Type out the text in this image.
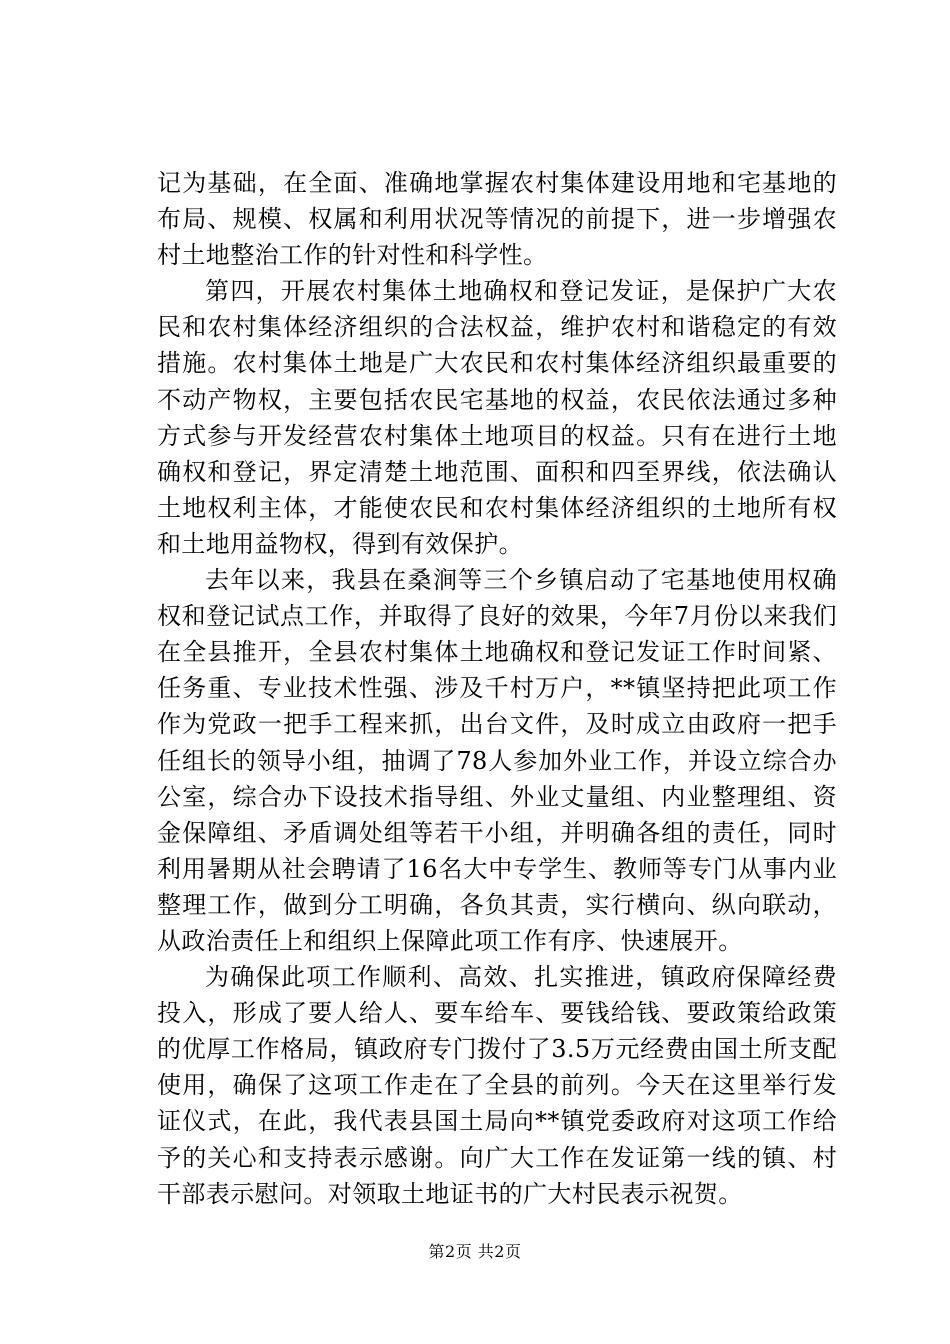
记为基础，在全面、准确地掌握农村集体建设用地和宅基地的布局、规模、权属和利用状况等情况的前提下，进一步增强农村土地整治工作的针对性和科学性。

第四，开展农村集体土地确权和登记发证，是保护广大农民和农村集体经济组织的合法权益，维护农村和谐稳定的有效措施。农村集体土地是广大农民和农村集体经济组织最重要的不动产物权，主要包括农民宅基地的权益，农民依法通过多种方式参与开发经营农村集体土地项目的权益。只有在进行土地确权和登记，界定清楚土地范围、面积和四至界线，依法确认土地权利主体，才能使农民和农村集体经济组织的土地所有权和土地用益物权，得到有效保护。

去年以来，我县在桑涧等三个乡镇启动了宅基地使用权确权和登记试点工作，并取得了良好的效果，今年7月份以来我们在全县推开，全县农村集体土地确权和登记发证工作时间紧、任务重、专业技术性强、涉及千村万户，**镇坚持把此项工作作为党政一把手工程来抓，出台文件，及时成立由政府一把手任组长的领导小组，抽调了78人参加外业工作，并设立综合办公室，综合办下设技术指导组、外业丈量组、内业整理组、资金保障组、矛盾调处组等若干小组，并明确各组的责任，同时利用暑期从社会聘请了16名大中专学生、教师等专门从事内业整理工作，做到分工明确，各负其责，实行横向、纵向联动，从政治责任上和组织上保障此项工作有序、快速展开。

为确保此项工作顺利、高效、扎实推进，镇政府保障经费投入，形成了要人给人、要车给车、要钱给钱、要政策给政策的优厚工作格局，镇政府专门拨付了3.5万元经费由国土所支配使用，确保了这项工作走在了全县的前列。今天在这里举行发证仪式，在此，我代表县国土局向**镇党委政府对这项工作给予的关心和支持表示感谢。向广大工作在发证第一线的镇、村干部表示慰问。对领取土地证书的广大村民表示祝贺。

第2页 共2页
